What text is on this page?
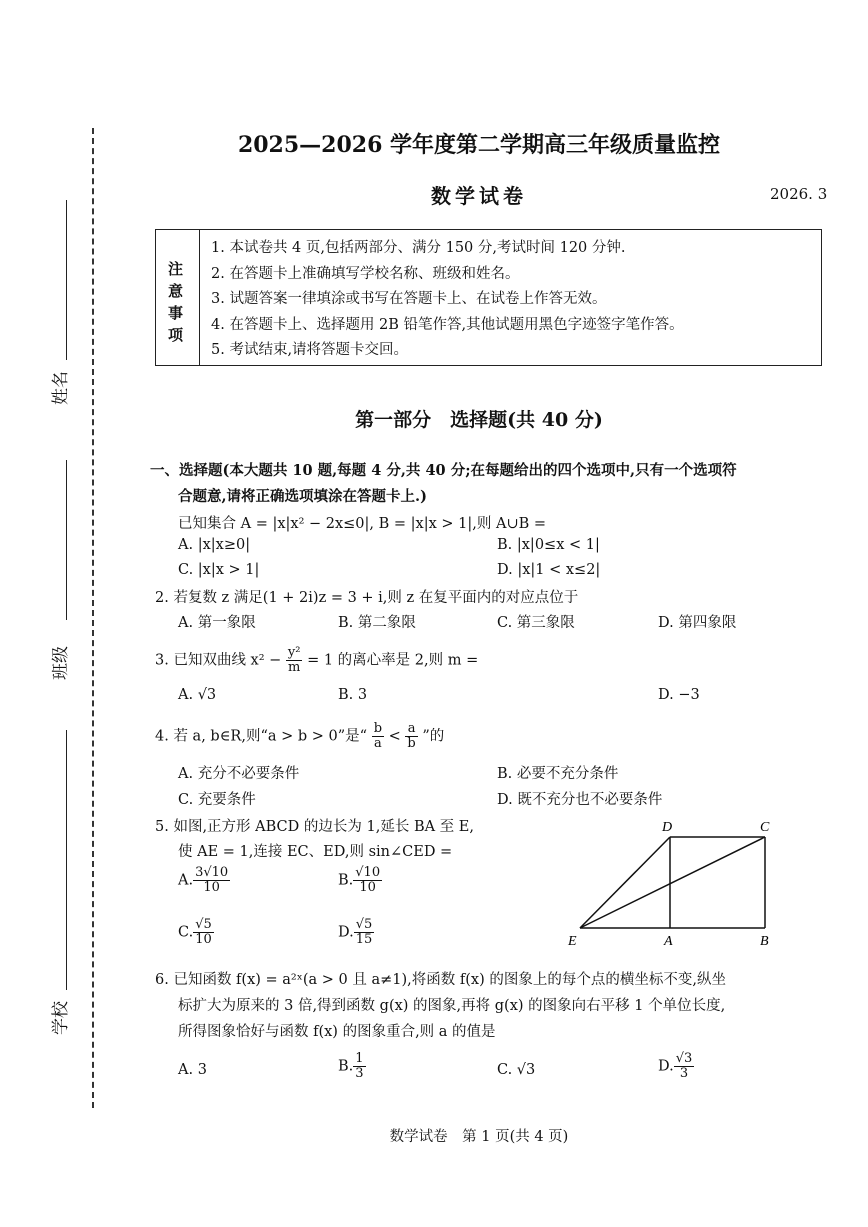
姓名
班级
学校
2025—2026 学年度第二学期高三年级质量监控
数学试卷	2026. 3
注
意
事
项
1. 本试卷共 4 页,包括两部分、满分 150 分,考试时间 120 分钟.
2. 在答题卡上准确填写学校名称、班级和姓名。
3. 试题答案一律填涂或书写在答题卡上、在试卷上作答无效。
4. 在答题卡上、选择题用 2B 铅笔作答,其他试题用黑色字迹签字笔作答。
5. 考试结束,请将答题卡交回。
第一部分　选择题(共 40 分)
一、选择题(本大题共 10 题,每题 4 分,共 40 分;在每题给出的四个选项中,只有一个选项符
合题意,请将正确选项填涂在答题卡上.)
已知集合 A = |x|x² − 2x≤0|, B = |x|x > 1|,则 A∪B =
A. |x|x≥0|	B. |x|0≤x < 1|
C. |x|x > 1|	D. |x|1 < x≤2|
2. 若复数 z 满足(1 + 2i)z = 3 + i,则 z 在复平面内的对应点位于
A. 第一象限	B. 第二象限	C. 第三象限	D. 第四象限
3. 已知双曲线 $x^2 - \frac{\text{y²}}{m} = 1$ 的离心率是 2,则 m =
A. √3	B. 3	D. −3
4. 若 a, b∈R,则“a > b > 0”是“ $\frac{b}{a} < \frac{a}{b}$ ”的
A. 充分不必要条件	B. 必要不充分条件
C. 充要条件	D. 既不充分也不必要条件
5. 如图,正方形 ABCD 的边长为 1,延长 BA 至 E,
使 AE = 1,连接 EC、ED,则 sin∠CED =
A. $\frac{3√10}{10}$	B. $\frac{√10}{10}$
C. $\frac{√5}{10}$	D. $\frac{√5}{15}$
D	C
E	A	B
6. 已知函数 f(x) = a²ˣ(a > 0 且 a≠1),将函数 f(x) 的图象上的每个点的横坐标不变,纵坐
标扩大为原来的 3 倍,得到函数 g(x) 的图象,再将 g(x) 的图象向右平移 1 个单位长度,
所得图象恰好与函数 f(x) 的图象重合,则 a 的值是
A. 3	B. $\frac{1}{3}$	C. √3	D. $\frac{√3}{3}$
数学试卷　第 1 页(共 4 页)
